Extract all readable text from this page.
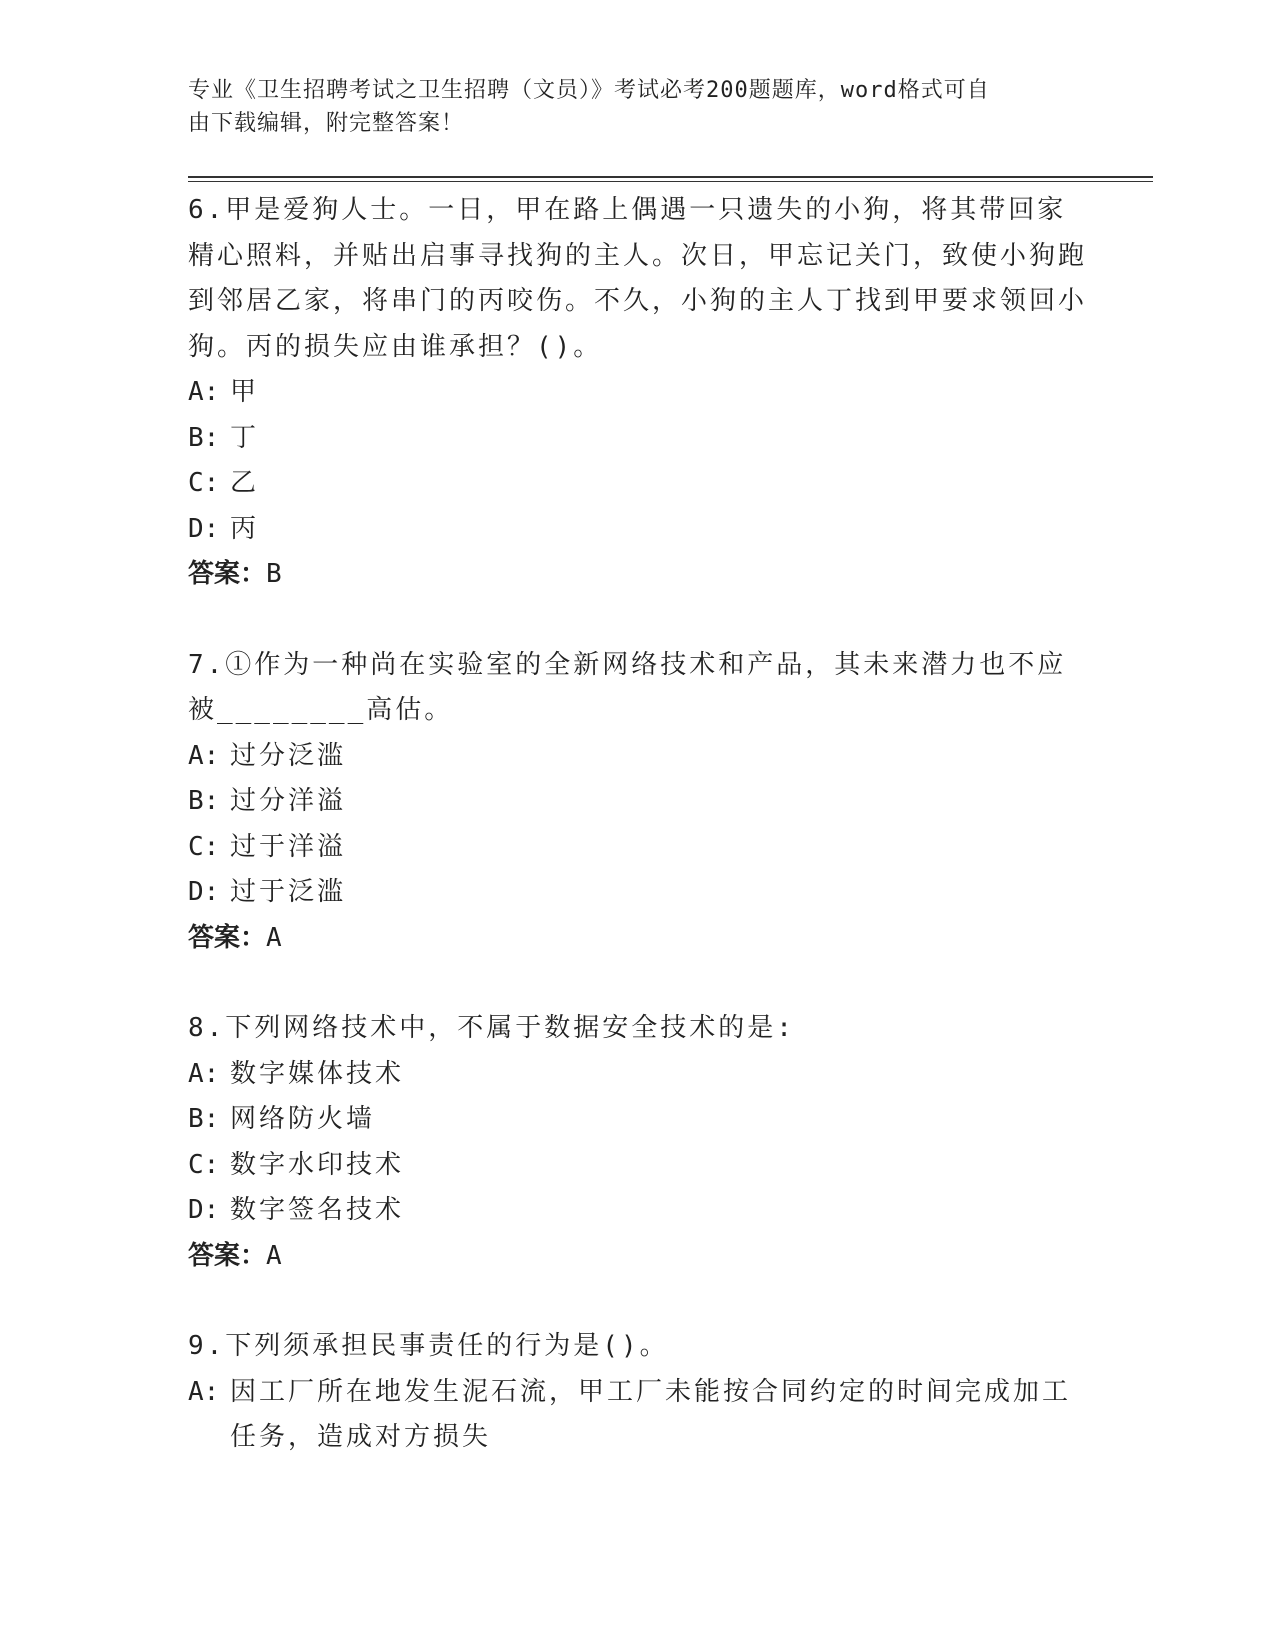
专业《卫生招聘考试之卫生招聘（文员）》考试必考200题题库，word格式可自
由下载编辑，附完整答案！

6.甲是爱狗人士。一日，甲在路上偶遇一只遗失的小狗，将其带回家精心照料，并贴出启事寻找狗的主人。次日，甲忘记关门，致使小狗跑到邻居乙家，将串门的丙咬伤。不久，小狗的主人丁找到甲要求领回小狗。丙的损失应由谁承担？()。

A: 甲

B: 丁

C: 乙

D: 丙

答案：B

7.①作为一种尚在实验室的全新网络技术和产品，其未来潜力也不应被________高估。

A: 过分泛滥

B: 过分洋溢

C: 过于洋溢

D: 过于泛滥

答案：A

8.下列网络技术中，不属于数据安全技术的是:

A: 数字媒体技术

B: 网络防火墙

C: 数字水印技术

D: 数字签名技术

答案：A

9.下列须承担民事责任的行为是()。

A: 因工厂所在地发生泥石流，甲工厂未能按合同约定的时间完成加工任务，造成对方损失
